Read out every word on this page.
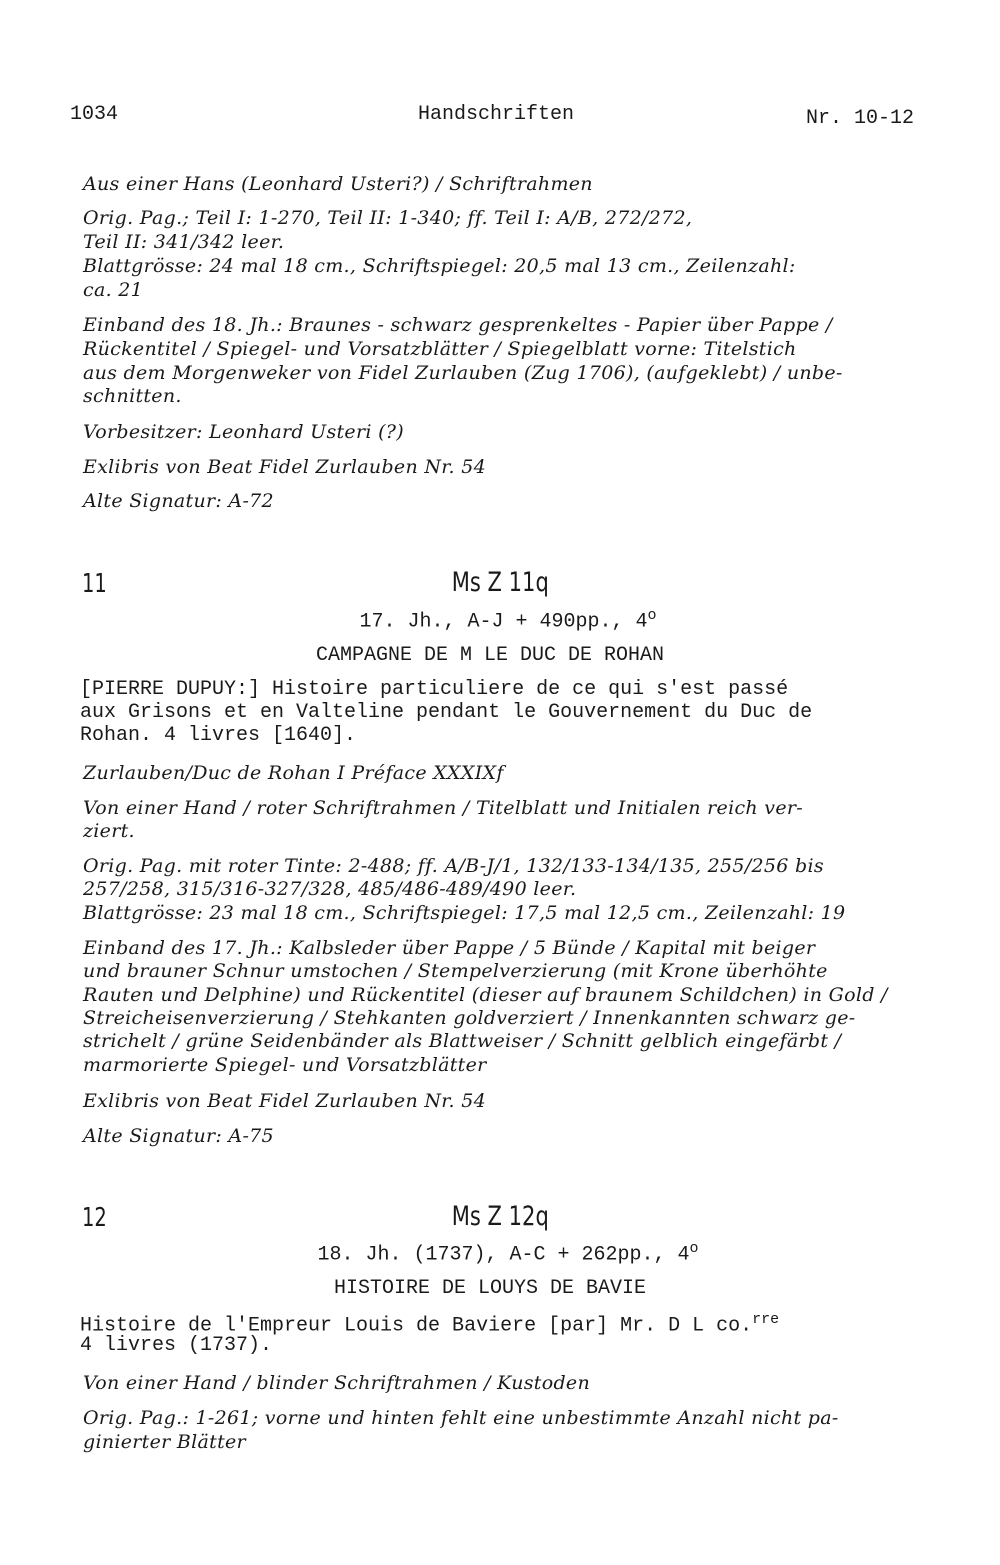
1034	Handschriften	Nr. 10-12
Aus einer Hans (Leonhard Usteri?) / Schriftrahmen
Orig. Pag.; Teil I: 1-270, Teil II: 1-340; ff. Teil I: A/B, 272/272,
Teil II: 341/342 leer.
Blattgrösse: 24 mal 18 cm., Schriftspiegel: 20,5 mal 13 cm., Zeilenzahl:
ca. 21
Einband des 18. Jh.: Braunes - schwarz gesprenkeltes - Papier über Pappe /
Rückentitel / Spiegel- und Vorsatzblätter / Spiegelblatt vorne: Titelstich
aus dem Morgenweker von Fidel Zurlauben (Zug 1706), (aufgeklebt) / unbe-
schnitten.
Vorbesitzer: Leonhard Usteri (?)
Exlibris von Beat Fidel Zurlauben Nr. 54
Alte Signatur: A-72
11	Ms Z 11q
17. Jh., A-J + 490pp., 4$^o$
CAMPAGNE DE M LE DUC DE ROHAN
[PIERRE DUPUY:] Histoire particuliere de ce qui s'est passé
aux Grisons et en Valteline pendant le Gouvernement du Duc de
Rohan. 4 livres [1640].
Zurlauben/Duc de Rohan I Préface XXXIXf
Von einer Hand / roter Schriftrahmen / Titelblatt und Initialen reich ver-
ziert.
Orig. Pag. mit roter Tinte: 2-488; ff. A/B-J/1, 132/133-134/135, 255/256 bis
257/258, 315/316-327/328, 485/486-489/490 leer.
Blattgrösse: 23 mal 18 cm., Schriftspiegel: 17,5 mal 12,5 cm., Zeilenzahl: 19
Einband des 17. Jh.: Kalbsleder über Pappe / 5 Bünde / Kapital mit beiger
und brauner Schnur umstochen / Stempelverzierung (mit Krone überhöhte
Rauten und Delphine) und Rückentitel (dieser auf braunem Schildchen) in Gold /
Streicheisenverzierung / Stehkanten goldverziert / Innenkannten schwarz ge-
strichelt / grüne Seidenbänder als Blattweiser / Schnitt gelblich eingefärbt /
marmorierte Spiegel- und Vorsatzblätter
Exlibris von Beat Fidel Zurlauben Nr. 54
Alte Signatur: A-75
12	Ms Z 12q
18. Jh. (1737), A-C + 262pp., 4$^o$
HISTOIRE DE LOUYS DE BAVIE
Histoire de l'Empreur Louis de Baviere [par] Mr. D L co.$^{rre}$
4 livres (1737).
Von einer Hand / blinder Schriftrahmen / Kustoden
Orig. Pag.: 1-261; vorne und hinten fehlt eine unbestimmte Anzahl nicht pa-
ginierter Blätter
